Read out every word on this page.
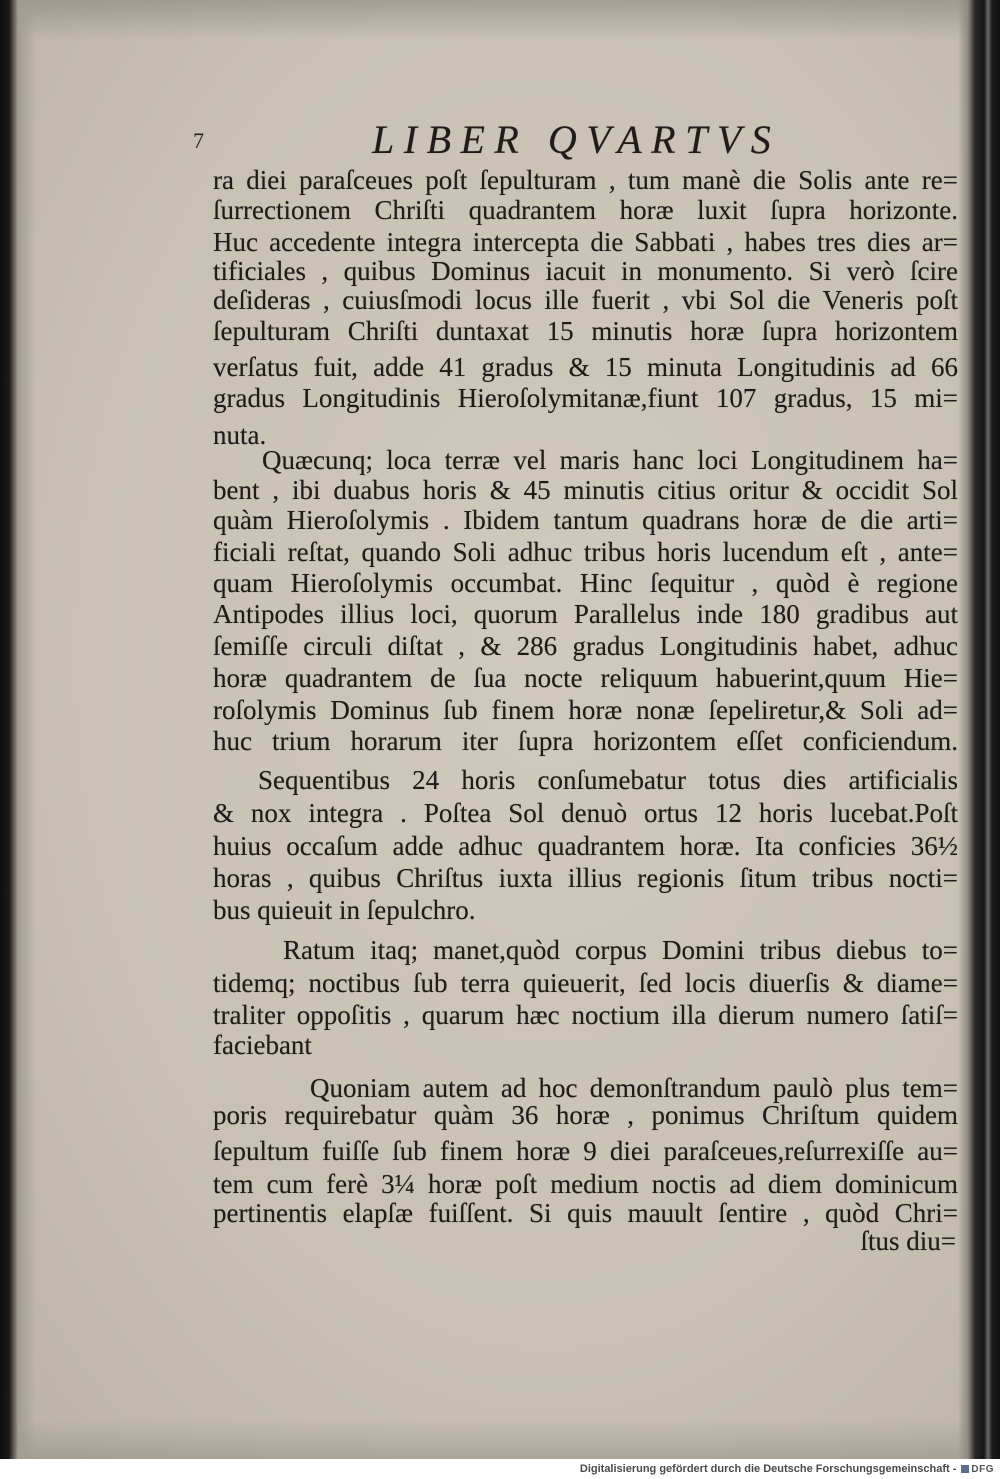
7	LIBER QVARTVS
ra diei paraſceues poſt ſepulturam , tum manè die Solis ante re=
ſurrectionem Chriſti quadrantem horæ luxit ſupra horizonte.
Huc accedente integra intercepta die Sabbati , habes tres dies ar=
tificiales , quibus Dominus iacuit in monumento. Si verò ſcire
deſideras , cuiusſmodi locus ille fuerit , vbi Sol die Veneris poſt
ſepulturam Chriſti duntaxat 15 minutis horæ ſupra horizontem
verſatus fuit, adde 41 gradus & 15 minuta Longitudinis ad 66
gradus Longitudinis Hieroſolymitanæ,fiunt 107 gradus, 15 mi=
nuta.
Quæcunq; loca terræ vel maris hanc loci Longitudinem ha=
bent , ibi duabus horis & 45 minutis citius oritur & occidit Sol
quàm Hieroſolymis . Ibidem tantum quadrans horæ de die arti=
ficiali reſtat, quando Soli adhuc tribus horis lucendum eſt , ante=
quam Hieroſolymis occumbat. Hinc ſequitur , quòd è regione
Antipodes illius loci, quorum Parallelus inde 180 gradibus aut
ſemiſſe circuli diſtat , & 286 gradus Longitudinis habet, adhuc
horæ quadrantem de ſua nocte reliquum habuerint,quum Hie=
roſolymis Dominus ſub finem horæ nonæ ſepeliretur,& Soli ad=
huc trium horarum iter ſupra horizontem eſſet conficiendum.
Sequentibus 24 horis conſumebatur totus dies artificialis
& nox integra . Poſtea Sol denuò ortus 12 horis lucebat.Poſt
huius occaſum adde adhuc quadrantem horæ. Ita conficies 36½
horas , quibus Chriſtus iuxta illius regionis ſitum tribus nocti=
bus quieuit in ſepulchro.
Ratum itaq; manet,quòd corpus Domini tribus diebus to=
tidemq; noctibus ſub terra quieuerit, ſed locis diuerſis & diame=
traliter oppoſitis , quarum hæc noctium illa dierum numero ſatiſ=
faciebant
Quoniam autem ad hoc demonſtrandum paulò plus tem=
poris requirebatur quàm 36 horæ , ponimus Chriſtum quidem
ſepultum fuiſſe ſub finem horæ 9 diei paraſceues,reſurrexiſſe au=
tem cum ferè 3¼ horæ poſt medium noctis ad diem dominicum
pertinentis elapſæ fuiſſent. Si quis mauult ſentire , quòd Chri=
ſtus diu=
Digitalisierung gefördert durch die Deutsche Forschungsgemeinschaft - DFG
